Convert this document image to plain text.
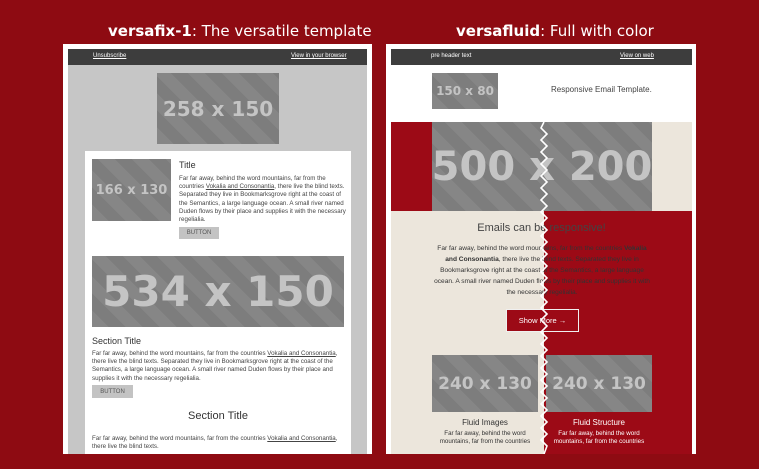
versafix-1: The versatile template	versafluid: Full with color
Unsubscribe	View in your browser
258 x 150
166 x 130
Title
Far far away, behind the word mountains, far from the countries Vokalia and Consonantia, there live the blind texts. Separated they live in Bookmarksgrove right at the coast of the Semantics, a large language ocean. A small river named Duden flows by their place and supplies it with the necessary regelialia.
BUTTON
534 x 150
Section Title
Far far away, behind the word mountains, far from the countries Vokalia and Consonantia, there live the blind texts. Separated they live in Bookmarksgrove right at the coast of the Semantics, a large language ocean. A small river named Duden flows by their place and supplies it with the necessary regelialia.
BUTTON
Section Title
Far far away, behind the word mountains, far from the countries Vokalia and Consonantia, there live the blind texts.
pre header text	View on web
150 x 80	Responsive Email Template.
500 x 200
Emails can be responsive!
Far far away, behind the word mountains, far from the countries Vokalia and Consonantia, there live the blind texts. Separated they live in Bookmarksgrove right at the coast of the Semantics, a large language ocean. A small river named Duden flows by their place and supplies it with the necessary regelialia.
Show More →
240 x 130
Fluid Images
Far far away, behind the word mountains, far from the countries
240 x 130
Fluid Structure
Far far away, behind the word mountains, far from the countries
